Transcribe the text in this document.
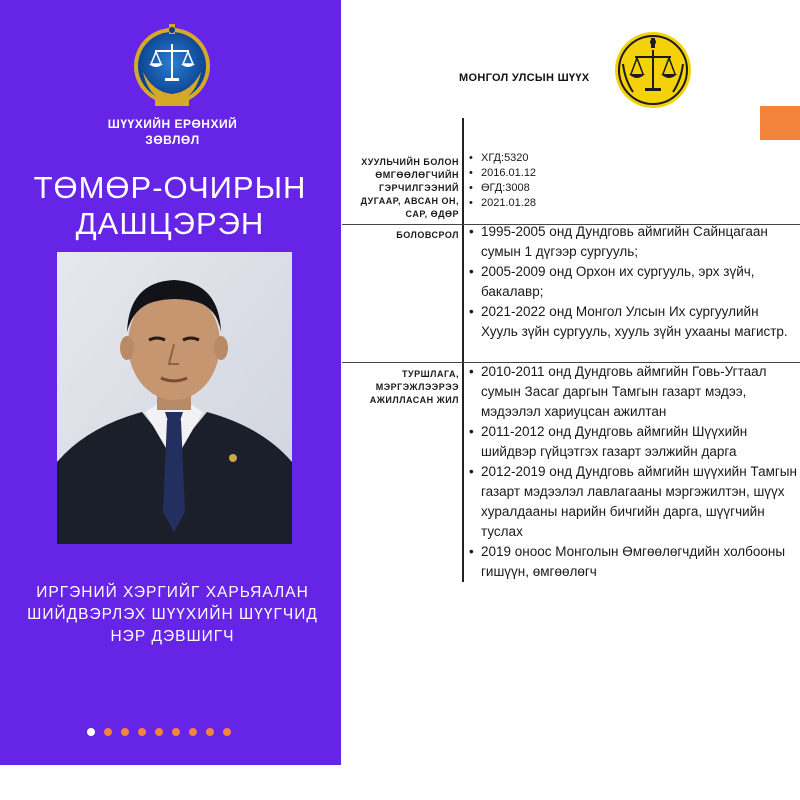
ШҮҮХИЙН ЕРӨНХИЙ ЗӨВЛӨЛ
ТӨМӨР-ОЧИРЫН ДАШЦЭРЭН
ИРГЭНИЙ ХЭРГИЙГ ХАРЬЯАЛАН ШИЙДВЭРЛЭХ ШҮҮХИЙН ШҮҮГЧИД НЭР ДЭВШИГЧ
МОНГОЛ УЛСЫН ШҮҮХ
ХУУЛЬЧИЙН БОЛОН ӨМГӨӨЛӨГЧИЙН ГЭРЧИЛГЭЭНИЙ ДУГААР, АВСАН ОН, САР, ӨДӨР
• ХГД:5320
• 2016.01.12
• ӨГД:3008
• 2021.01.28
БОЛОВСРОЛ
•	1995-2005 онд Дундговь аймгийн Сайнцагаан сумын 1 дүгээр сургууль;
• 2005-2009 онд Орхон их сургууль, эрх зүйч, бакалавр;
• 2021-2022 онд Монгол Улсын Их сургуулийн Хууль зүйн сургууль, хууль зүйн ухааны магистр.
ТУРШЛАГА, МЭРГЭЖЛЭЭРЭЭ АЖИЛЛАСАН ЖИЛ
• 2010-2011 онд Дундговь аймгийн Говь-Угтаал сумын Засаг даргын Тамгын газарт мэдээ, мэдээлэл хариуцсан ажилтан
• 2011-2012 онд Дундговь аймгийн Шүүхийн шийдвэр гүйцэтгэх газарт ээлжийн дарга
• 2012-2019 онд Дундговь аймгийн шүүхийн Тамгын газарт мэдээлэл лавлагааны мэргэжилтэн, шүүх хуралдааны нарийн бичгийн дарга, шүүгчийн туслах
• 2019 оноос Монголын Өмгөөлөгчдийн холбооны гишүүн, өмгөөлөгч
